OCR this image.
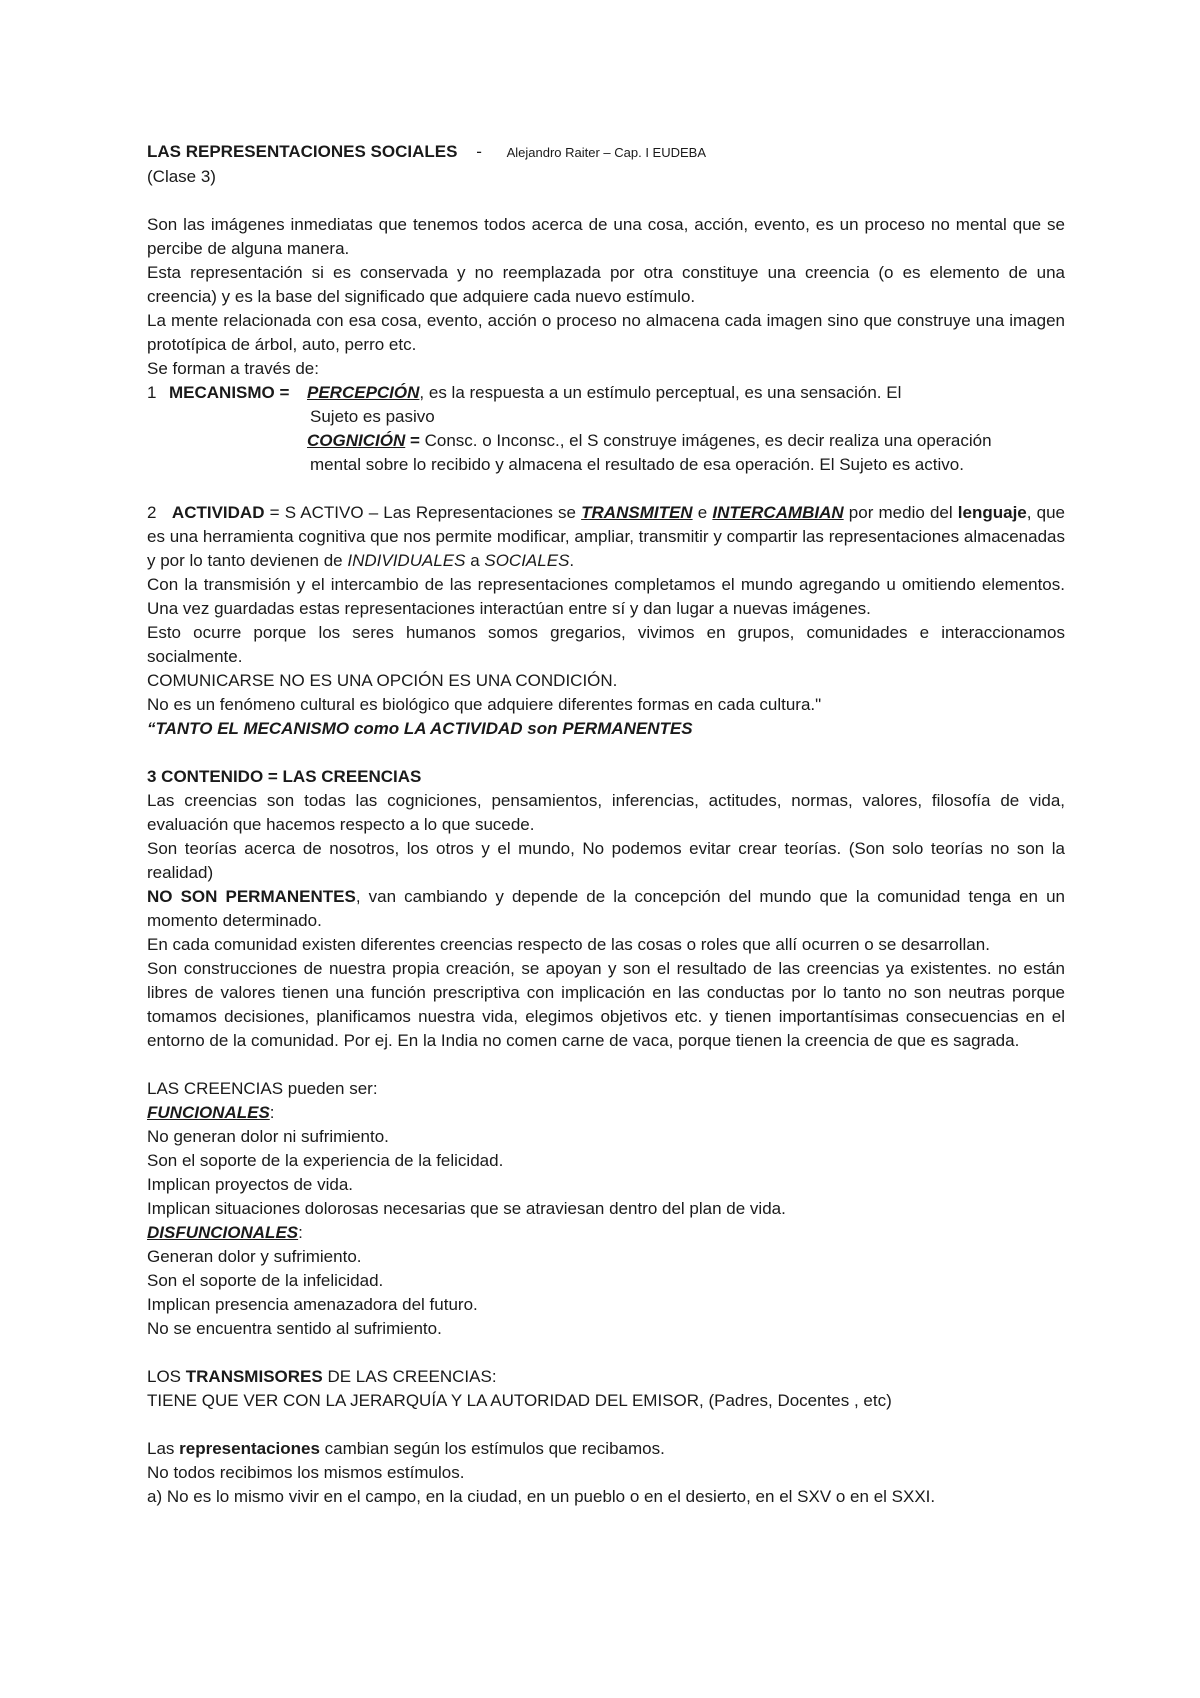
LAS REPRESENTACIONES SOCIALES - Alejandro Raiter – Cap. I EUDEBA

(Clase 3)

Son las imágenes inmediatas que tenemos todos acerca de una cosa, acción, evento, es un proceso no mental que se percibe de alguna manera.

Esta representación si es conservada y no reemplazada por otra constituye una creencia (o es elemento de una creencia) y es la base del significado que adquiere cada nuevo estímulo.

La mente relacionada con esa cosa, evento, acción o proceso no almacena cada imagen sino que construye una imagen prototípica de árbol, auto, perro etc.

Se forman a través de:

1 MECANISMO =	PERCEPCIÓN, es la respuesta a un estímulo perceptual, es una sensación. El

Sujeto es pasivo

COGNICIÓN = Consc. o Inconsc., el S construye imágenes, es decir realiza una operación

mental sobre lo recibido y almacena el resultado de esa operación. El Sujeto es activo.

2 ACTIVIDAD = S ACTIVO – Las Representaciones se TRANSMITEN e INTERCAMBIAN por medio del lenguaje, que es una herramienta cognitiva que nos permite modificar, ampliar, transmitir y compartir las representaciones almacenadas y por lo tanto devienen de INDIVIDUALES a SOCIALES.

Con la transmisión y el intercambio de las representaciones completamos el mundo agregando u omitiendo elementos. Una vez guardadas estas representaciones interactúan entre sí y dan lugar a nuevas imágenes.

Esto ocurre porque los seres humanos somos gregarios, vivimos en grupos, comunidades e interaccionamos socialmente.

COMUNICARSE NO ES UNA OPCIÓN ES UNA CONDICIÓN.

No es un fenómeno cultural es biológico que adquiere diferentes formas en cada cultura."

“TANTO EL MECANISMO como LA ACTIVIDAD son PERMANENTES

3 CONTENIDO = LAS CREENCIAS

Las creencias son todas las cogniciones, pensamientos, inferencias, actitudes, normas, valores, filosofía de vida, evaluación que hacemos respecto a lo que sucede.

Son teorías acerca de nosotros, los otros y el mundo, No podemos evitar crear teorías. (Son solo teorías no son la realidad)

NO SON PERMANENTES, van cambiando y depende de la concepción del mundo que la comunidad tenga en un momento determinado.

En cada comunidad existen diferentes creencias respecto de las cosas o roles que allí ocurren o se desarrollan.

Son construcciones de nuestra propia creación, se apoyan y son el resultado de las creencias ya existentes. no están libres de valores tienen una función prescriptiva con implicación en las conductas por lo tanto no son neutras porque tomamos decisiones, planificamos nuestra vida, elegimos objetivos etc. y tienen importantísimas consecuencias en el entorno de la comunidad. Por ej. En la India no comen carne de vaca, porque tienen la creencia de que es sagrada.

LAS CREENCIAS pueden ser:

FUNCIONALES:

No generan dolor ni sufrimiento.

Son el soporte de la experiencia de la felicidad.

Implican proyectos de vida.

Implican situaciones dolorosas necesarias que se atraviesan dentro del plan de vida.

DISFUNCIONALES:

Generan dolor y sufrimiento.

Son el soporte de la infelicidad.

Implican presencia amenazadora del futuro.

No se encuentra sentido al sufrimiento.

LOS TRANSMISORES DE LAS CREENCIAS:

TIENE QUE VER CON LA JERARQUÍA Y LA AUTORIDAD DEL EMISOR, (Padres, Docentes , etc)

Las representaciones cambian según los estímulos que recibamos.

No todos recibimos los mismos estímulos.

a) No es lo mismo vivir en el campo, en la ciudad, en un pueblo o en el desierto, en el SXV o en el SXXI.
